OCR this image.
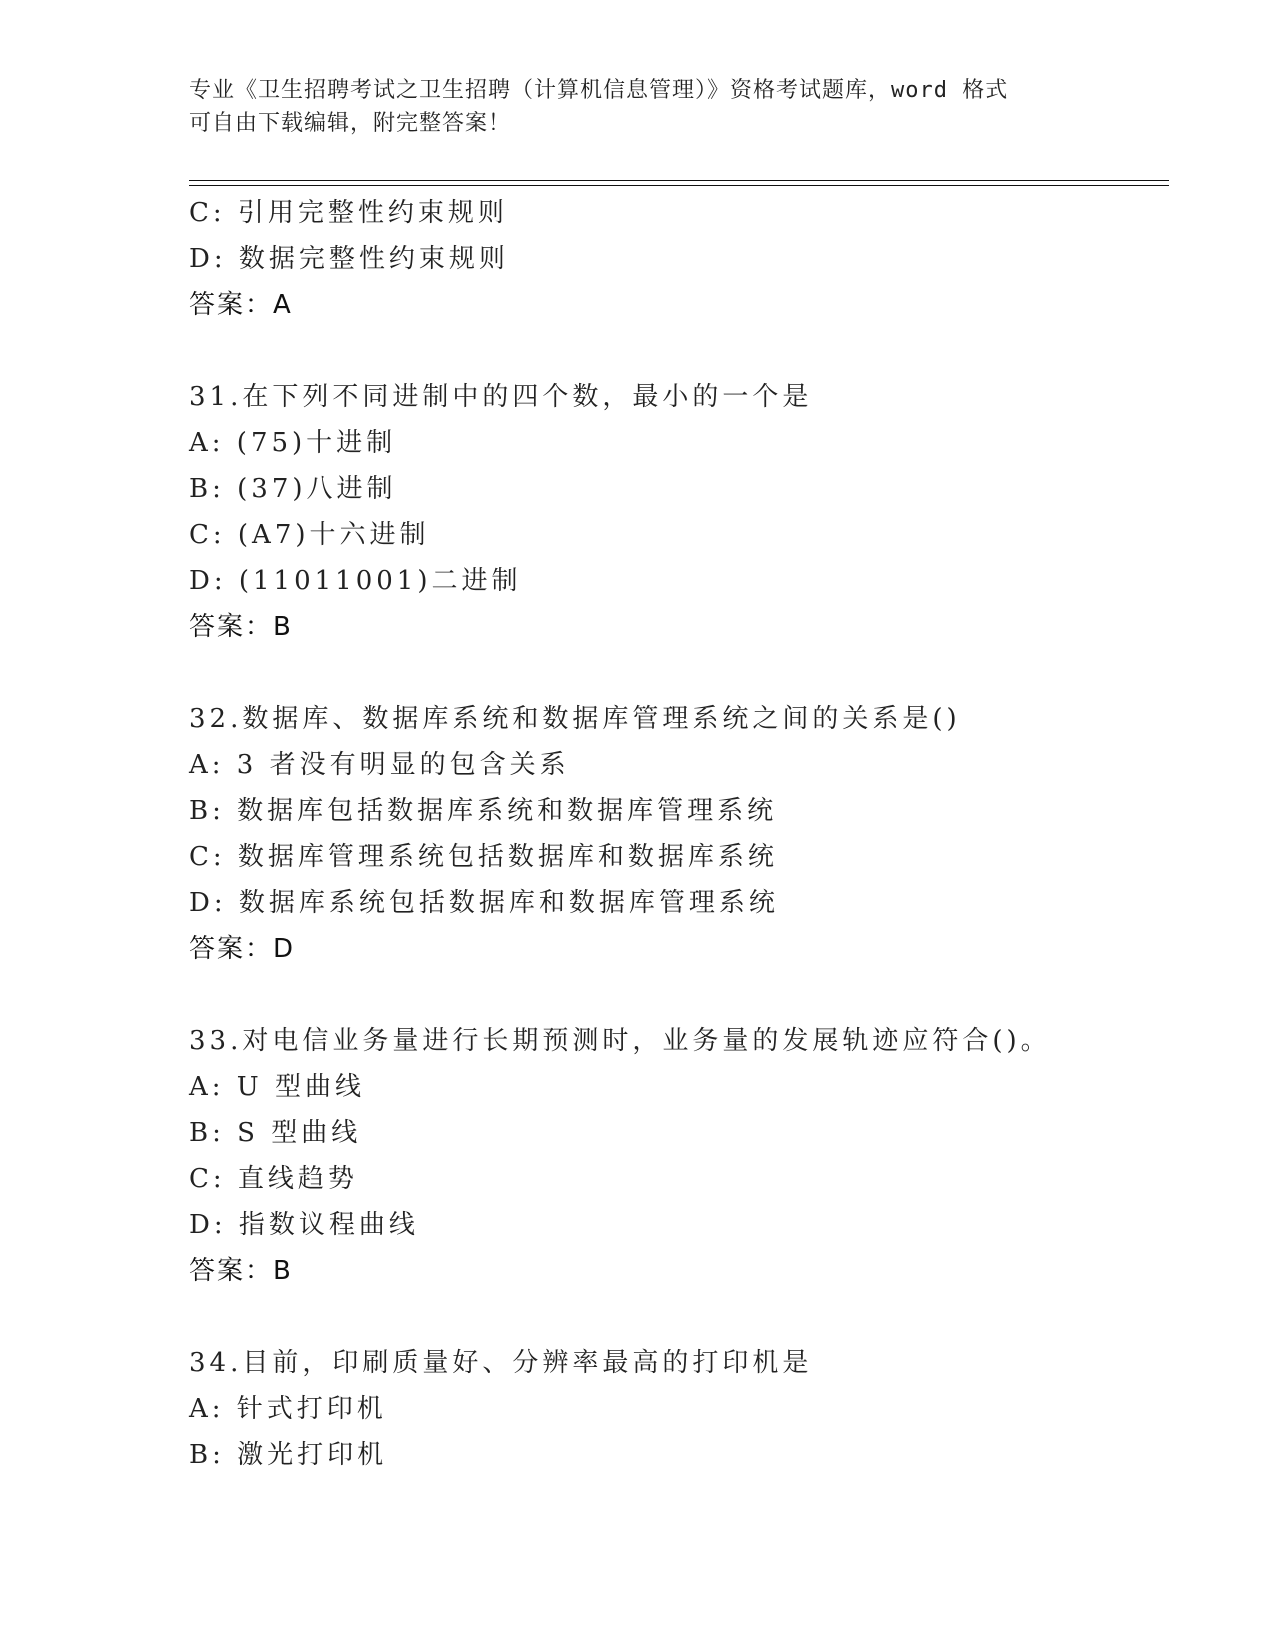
专业《卫生招聘考试之卫生招聘（计算机信息管理）》资格考试题库，word 格式
可自由下载编辑，附完整答案！
C: 引用完整性约束规则
D: 数据完整性约束规则
答案：A
31.在下列不同进制中的四个数，最小的一个是
A: (75)十进制
B: (37)八进制
C: (A7)十六进制
D: (11011001)二进制
答案：B
32.数据库、数据库系统和数据库管理系统之间的关系是()
A: 3 者没有明显的包含关系
B: 数据库包括数据库系统和数据库管理系统
C: 数据库管理系统包括数据库和数据库系统
D: 数据库系统包括数据库和数据库管理系统
答案：D
33.对电信业务量进行长期预测时，业务量的发展轨迹应符合()。
A: U 型曲线
B: S 型曲线
C: 直线趋势
D: 指数议程曲线
答案：B
34.目前，印刷质量好、分辨率最高的打印机是
A: 针式打印机
B: 激光打印机
